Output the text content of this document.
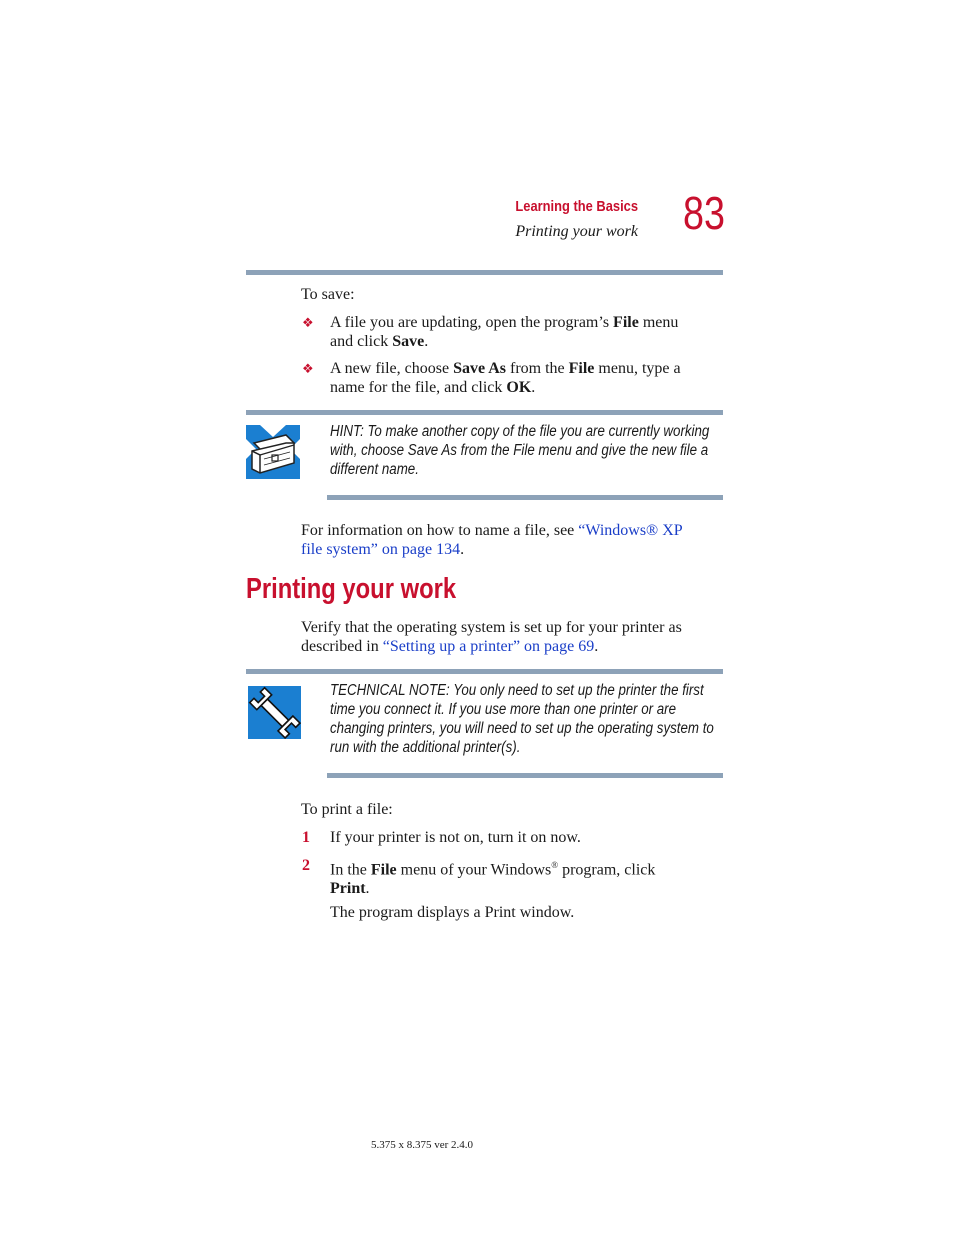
Learning the Basics
Printing your work 83
To save:
❖ A file you are updating, open the program’s File menu
and click Save.
❖ A new file, choose Save As from the File menu, type a
name for the file, and click OK.
HINT: To make another copy of the file you are currently working
with, choose Save As from the File menu and give the new file a
different name.
For information on how to name a file, see “Windows® XP
file system” on page 134.
Printing your work
Verify that the operating system is set up for your printer as
described in “Setting up a printer” on page 69.
TECHNICAL NOTE: You only need to set up the printer the first
time you connect it. If you use more than one printer or are
changing printers, you will need to set up the operating system to
run with the additional printer(s).
To print a file:
1 If your printer is not on, turn it on now.
2 In the File menu of your Windows® program, click
Print.
The program displays a Print window.
5.375 x 8.375 ver 2.4.0
